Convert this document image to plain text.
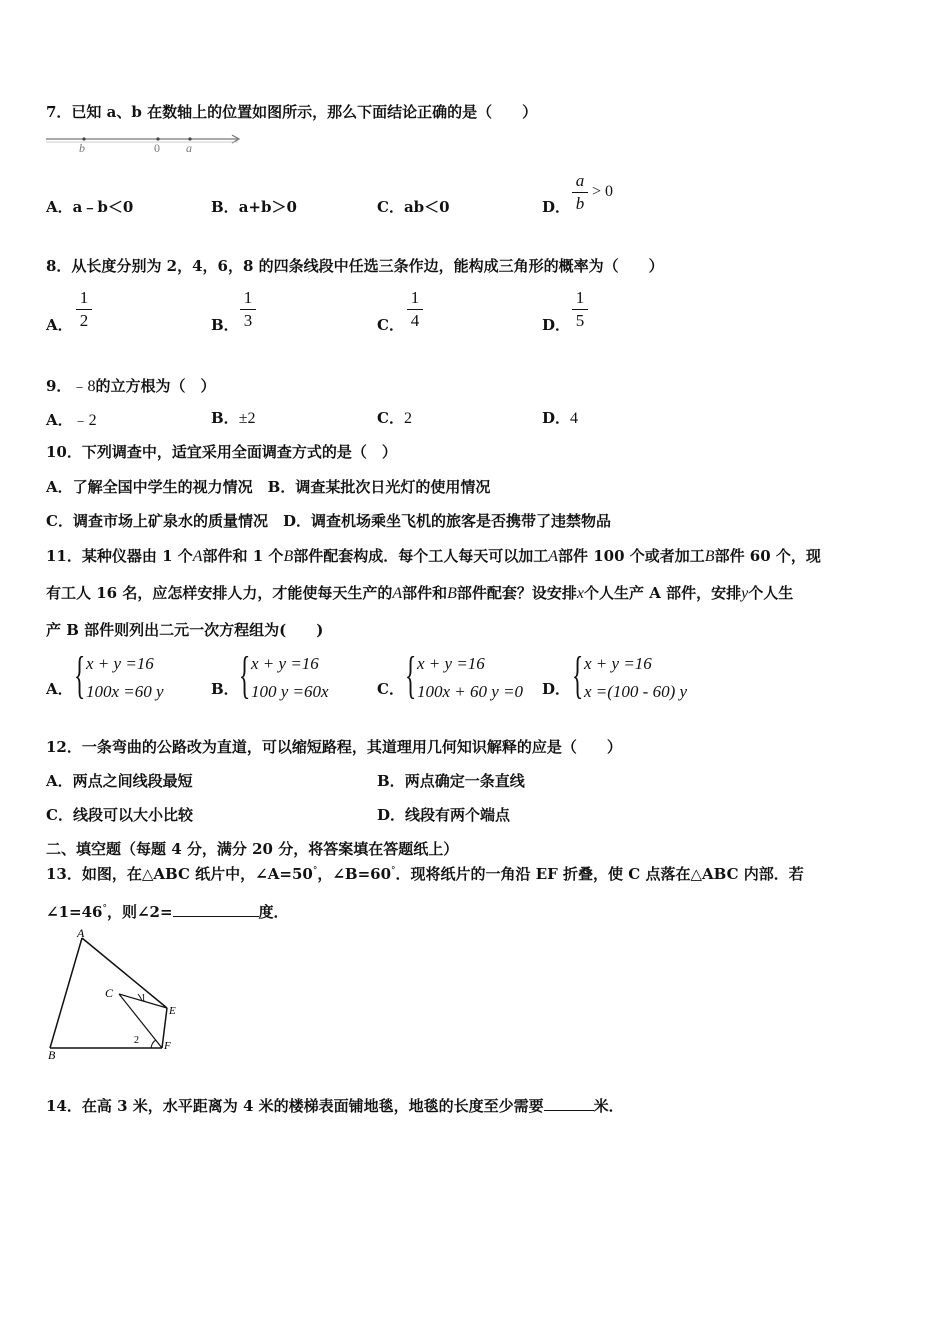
7．已知 a、b 在数轴上的位置如图所示，那么下面结论正确的是（　　）
b	0 a
A．a﹣b＜0	B．a+b＞0	C．ab＜0	D．
a
b
> 0
8．从长度分别为 2，4，6，8 的四条线段中任选三条作边，能构成三角形的概率为（　　）
A．
1
2	B．
1
3	C．
1
4	D．
1
5
9．﹣8的立方根为（　）
A．﹣2	B．±2	C．2	D．4
10．下列调查中，适宜采用全面调查方式的是（　）
A．了解全国中学生的视力情况　B．调查某批次日光灯的使用情况
C．调查市场上矿泉水的质量情况　D．调查机场乘坐飞机的旅客是否携带了违禁物品
11．某种仪器由 1 个A部件和 1 个B部件配套构成．每个工人每天可以加工A部件 100 个或者加工B部件 60 个，现
有工人 16 名，应怎样安排人力，才能使每天生产的A部件和B部件配套？设安排x个人生产 A 部件，安排y个人生
产 B 部件则列出二元一次方程组为(　　)
A． { x + y =16
100x =60 y	B． { x + y =16
100 y =60x	C． { x + y =16
100x + 60 y =0 D． { x + y =16
x =(100 - 60) y
12．一条弯曲的公路改为直道，可以缩短路程，其道理用几何知识解释的应是（　　）
A．两点之间线段最短	B．两点确定一条直线
C．线段可以大小比较	D．线段有两个端点
二、填空题（每题 4 分，满分 20 分，将答案填在答题纸上）
13．如图，在△ABC 纸片中，∠A=50°，∠B=60°．现将纸片的一角沿 EF 折叠，使 C 点落在△ABC 内部．若
∠1=46°，则∠2=	度．
A
B
C
E
F
1
2
14．在高 3 米，水平距离为 4 米的楼梯表面铺地毯，地毯的长度至少需要	米．
